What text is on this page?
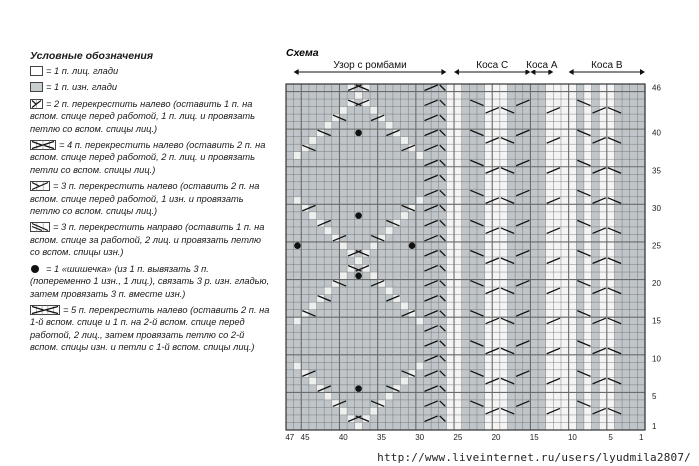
Условные обозначения
= 1 п. лиц. глади
= 1 п. изн. глади
= 2 п. перекрестить налево (оставить 1 п. на вспом. спице перед работой, 1 п. лиц. и провязать петлю со вспом. спицы лиц.)
= 4 п. перекрестить налево (оставить 2 п. на вспом. спице перед работой, 2 п. лиц. и провязать петли со вспом. спицы лиц.)
= 3 п. перекрестить налево (оставить 2 п. на вспом. спице перед работой, 1 изн. и провязать петлю со вспом. спицы лиц.)
= 3 п. перекрестить направо (оставить 1 п. на вспом. спице за работой, 2 лиц. и провязать петлю со вспом. спицы изн.)
= 1 «шишечка» (из 1 п. вывязать 3 п. (попеременно 1 изн., 1 лиц.), связать 3 р. изн. гладью, затем провязать 3 п. вместе изн.)
= 5 п. перекрестить налево (оставить 2 п. на 1-й вспом. спице и 1 п. на 2-й вспом. спице перед работой, 2 лиц., затем провязать петлю со 2-й вспом. спицы изн. и петли с 1-й вспом. спицы лиц.)
Схема
Узор с ромбами	Коса С Коса А	Коса В
1
5
10
15
20
25
30
35
40
46
47 45	40	35	30	25	20	15	10	5	1
http://www.liveinternet.ru/users/lyudmila2807/
